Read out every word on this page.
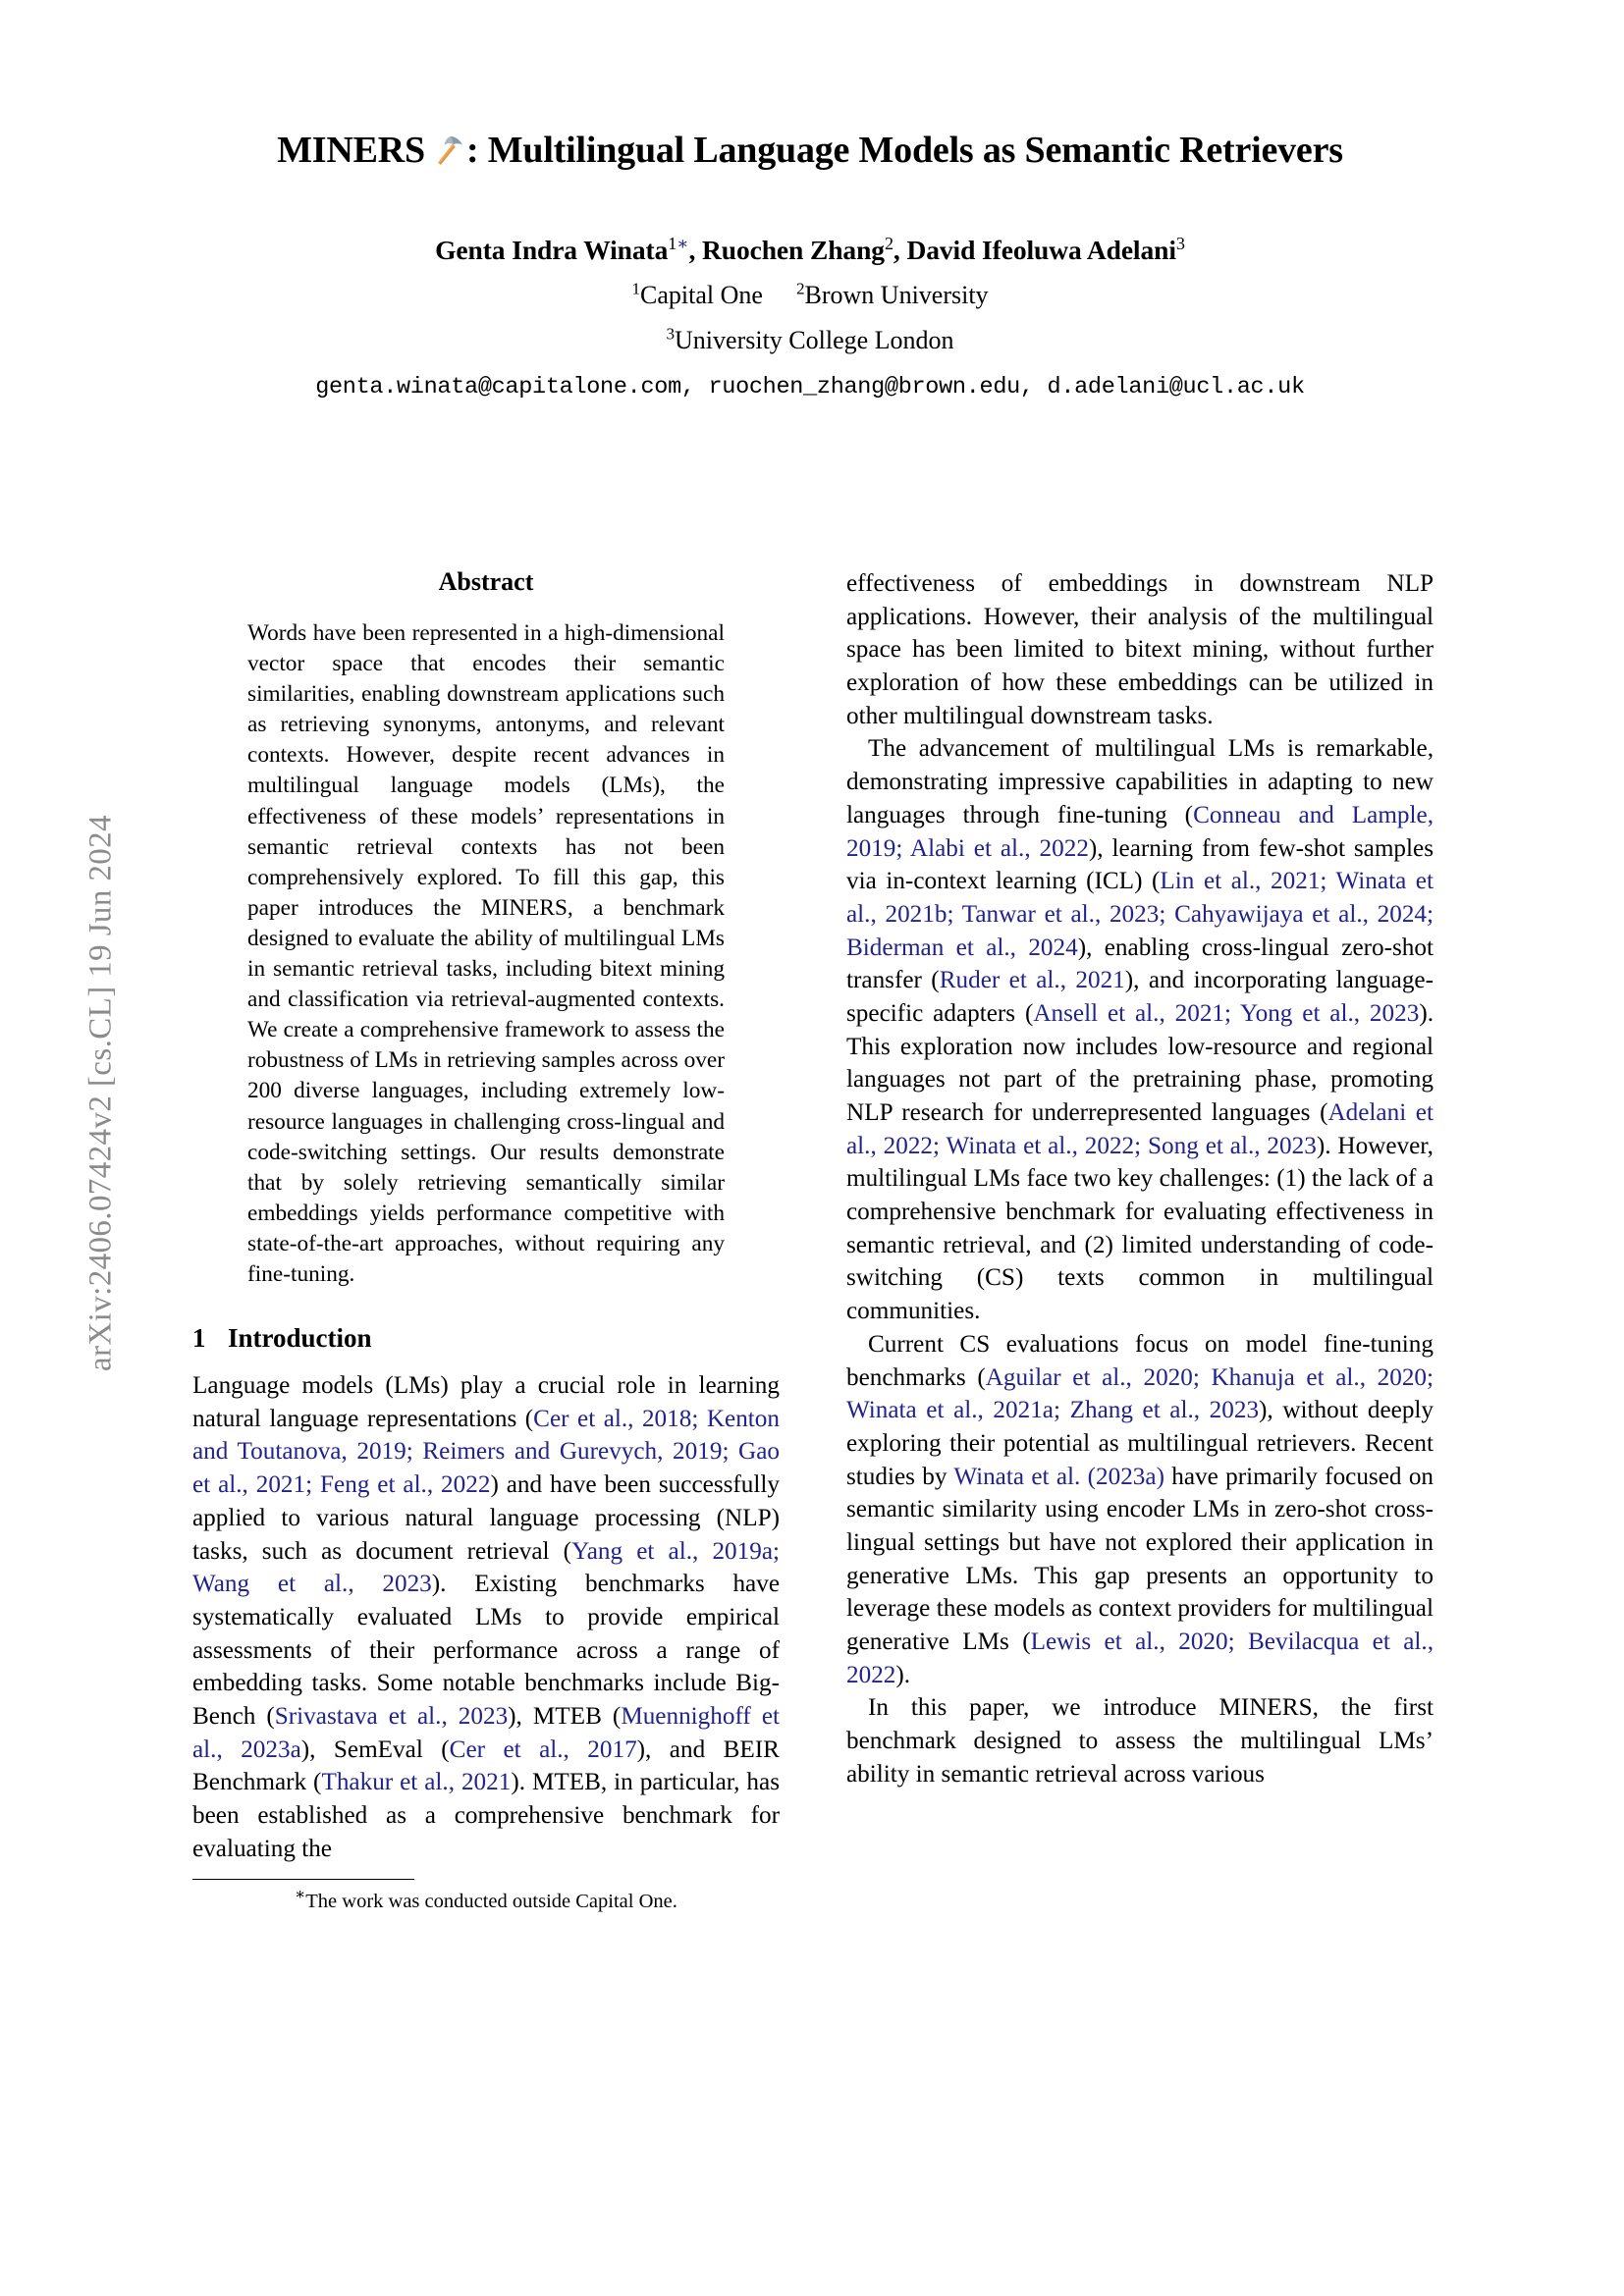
arXiv:2406.07424v2 [cs.CL] 19 Jun 2024
MINERS : Multilingual Language Models as Semantic Retrievers
Genta Indra Winata$^{1∗}$, Ruochen Zhang$^2$, David Ifeoluwa Adelani$^3$
$^1$Capital One $^2$Brown University
$^3$University College London
genta.winata@capitalone.com, ruochen_zhang@brown.edu, d.adelani@ucl.ac.uk
Abstract
Words have been represented in a high-dimensional vector space that encodes their semantic similarities, enabling downstream applications such as retrieving synonyms, antonyms, and relevant contexts. However, despite recent advances in multilingual language models (LMs), the effectiveness of these models’ representations in semantic retrieval contexts has not been comprehensively explored. To fill this gap, this paper introduces the MINERS, a benchmark designed to evaluate the ability of multilingual LMs in semantic retrieval tasks, including bitext mining and classification via retrieval-augmented contexts. We create a comprehensive framework to assess the robustness of LMs in retrieving samples across over 200 diverse languages, including extremely low-resource languages in challenging cross-lingual and code-switching settings. Our results demonstrate that by solely retrieving semantically similar embeddings yields performance competitive with state-of-the-art approaches, without requiring any fine-tuning.
1 Introduction

Language models (LMs) play a crucial role in learning natural language representations (Cer et al., 2018; Kenton and Toutanova, 2019; Reimers and Gurevych, 2019; Gao et al., 2021; Feng et al., 2022) and have been successfully applied to various natural language processing (NLP) tasks, such as document retrieval (Yang et al., 2019a; Wang et al., 2023). Existing benchmarks have systematically evaluated LMs to provide empirical assessments of their performance across a range of embedding tasks. Some notable benchmarks include Big-Bench (Srivastava et al., 2023), MTEB (Muennighoff et al., 2023a), SemEval (Cer et al., 2017), and BEIR Benchmark (Thakur et al., 2021). MTEB, in particular, has been established as a comprehensive benchmark for evaluating the

∗The work was conducted outside Capital One.

effectiveness of embeddings in downstream NLP applications. However, their analysis of the multilingual space has been limited to bitext mining, without further exploration of how these embeddings can be utilized in other multilingual downstream tasks.

The advancement of multilingual LMs is remarkable, demonstrating impressive capabilities in adapting to new languages through fine-tuning (Conneau and Lample, 2019; Alabi et al., 2022), learning from few-shot samples via in-context learning (ICL) (Lin et al., 2021; Winata et al., 2021b; Tanwar et al., 2023; Cahyawijaya et al., 2024; Biderman et al., 2024), enabling cross-lingual zero-shot transfer (Ruder et al., 2021), and incorporating language-specific adapters (Ansell et al., 2021; Yong et al., 2023). This exploration now includes low-resource and regional languages not part of the pretraining phase, promoting NLP research for underrepresented languages (Adelani et al., 2022; Winata et al., 2022; Song et al., 2023). However, multilingual LMs face two key challenges: (1) the lack of a comprehensive benchmark for evaluating effectiveness in semantic retrieval, and (2) limited understanding of code-switching (CS) texts common in multilingual communities.

Current CS evaluations focus on model fine-tuning benchmarks (Aguilar et al., 2020; Khanuja et al., 2020; Winata et al., 2021a; Zhang et al., 2023), without deeply exploring their potential as multilingual retrievers. Recent studies by Winata et al. (2023a) have primarily focused on semantic similarity using encoder LMs in zero-shot cross-lingual settings but have not explored their application in generative LMs. This gap presents an opportunity to leverage these models as context providers for multilingual generative LMs (Lewis et al., 2020; Bevilacqua et al., 2022).

In this paper, we introduce MINERS, the first benchmark designed to assess the multilingual LMs’ ability in semantic retrieval across various
